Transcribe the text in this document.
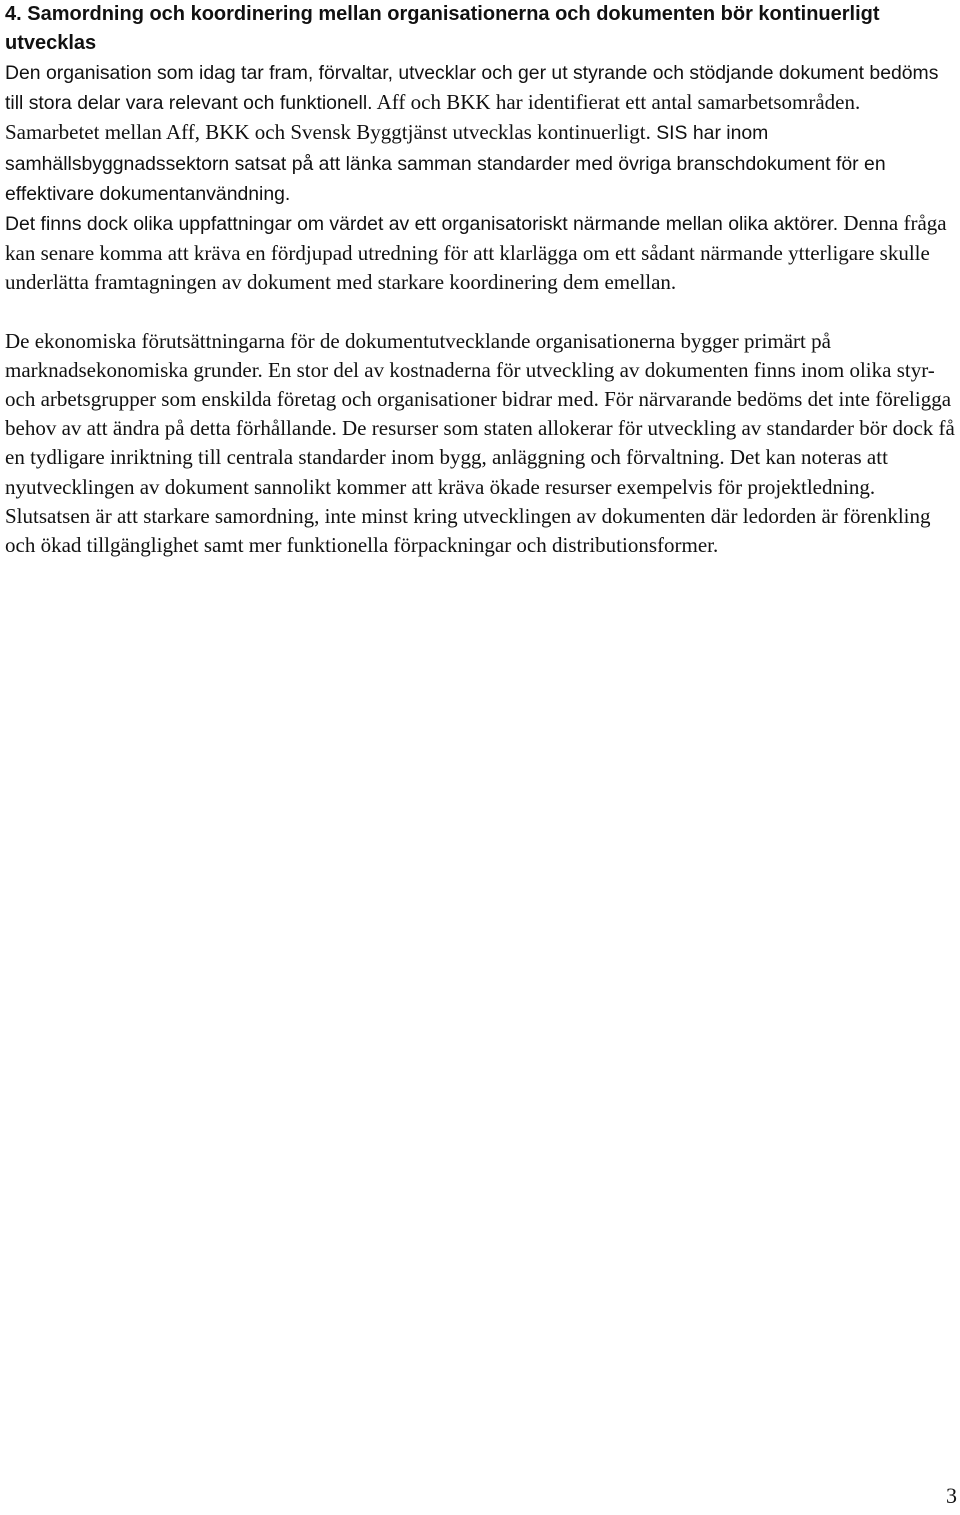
4. Samordning och koordinering mellan organisationerna och dokumenten bör kontinuerligt utvecklas

Den organisation som idag tar fram, förvaltar, utvecklar och ger ut styrande och stödjande dokument bedöms till stora delar vara relevant och funktionell. Aff och BKK har identifierat ett antal samarbetsområden. Samarbetet mellan Aff, BKK och Svensk Byggtjänst utvecklas kontinuerligt. SIS har inom samhällsbyggnadssektorn satsat på att länka samman standarder med övriga branschdokument för en effektivare dokumentanvändning.

Det finns dock olika uppfattningar om värdet av ett organisatoriskt närmande mellan olika aktörer. Denna fråga kan senare komma att kräva en fördjupad utredning för att klarlägga om ett sådant närmande ytterligare skulle underlätta framtagningen av dokument med starkare koordinering dem emellan.

De ekonomiska förutsättningarna för de dokumentutvecklande organisationerna bygger primärt på marknadsekonomiska grunder. En stor del av kostnaderna för utveckling av dokumenten finns inom olika styr- och arbetsgrupper som enskilda företag och organisationer bidrar med. För närvarande bedöms det inte föreligga behov av att ändra på detta förhållande. De resurser som staten allokerar för utveckling av standarder bör dock få en tydligare inriktning till centrala standarder inom bygg, anläggning och förvaltning. Det kan noteras att nyutvecklingen av dokument sannolikt kommer att kräva ökade resurser exempelvis för projektledning.

Slutsatsen är att starkare samordning, inte minst kring utvecklingen av dokumenten där ledorden är förenkling och ökad tillgänglighet samt mer funktionella förpackningar och distributionsformer.

3
